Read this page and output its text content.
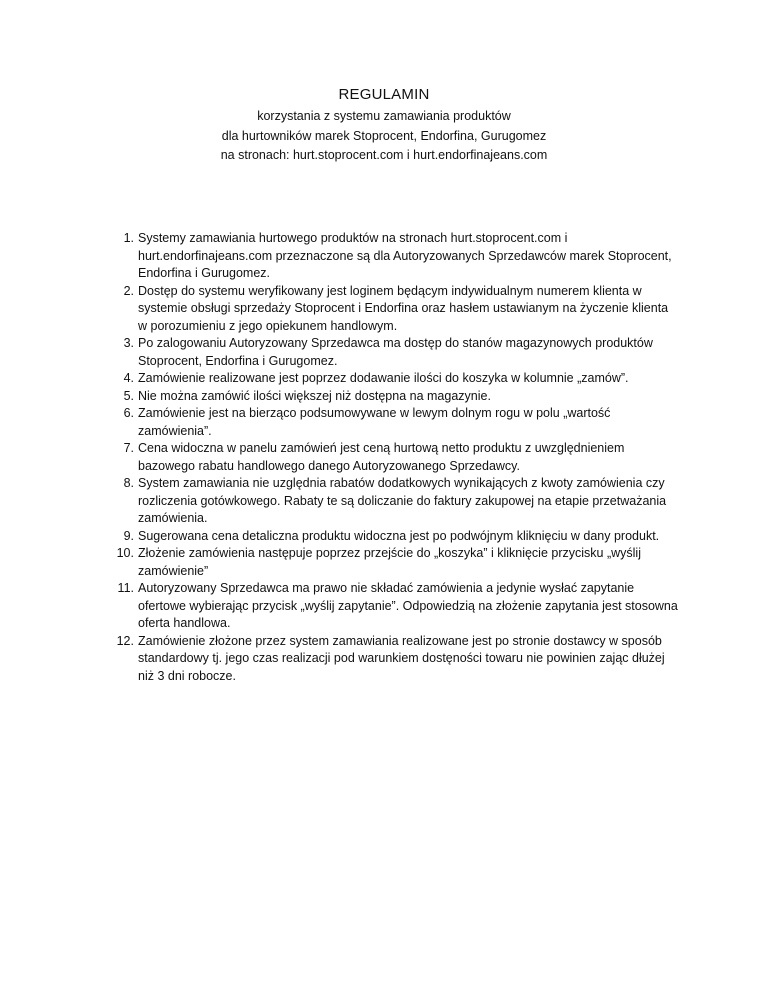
REGULAMIN
korzystania z systemu zamawiania produktów
dla hurtowników marek Stoprocent, Endorfina, Gurugomez
na stronach: hurt.stoprocent.com i hurt.endorfinajeans.com
1. Systemy zamawiania hurtowego produktów na stronach hurt.stoprocent.com i hurt.endorfinajeans.com przeznaczone są dla Autoryzowanych Sprzedawców marek Stoprocent, Endorfina i Gurugomez.
2. Dostęp do systemu weryfikowany jest loginem będącym indywidualnym numerem klienta w systemie obsługi sprzedaży Stoprocent i Endorfina oraz hasłem ustawianym na życzenie klienta w porozumieniu z jego opiekunem handlowym.
3. Po zalogowaniu Autoryzowany Sprzedawca ma dostęp do stanów magazynowych produktów Stoprocent, Endorfina i Gurugomez.
4. Zamówienie realizowane jest poprzez dodawanie ilości do koszyka w kolumnie „zamów”.
5. Nie można zamówić ilości większej niż dostępna na magazynie.
6. Zamówienie jest na bierząco podsumowywane w lewym dolnym rogu w polu „wartość zamówienia”.
7. Cena widoczna w panelu zamówień jest ceną hurtową netto produktu z uwzględnieniem bazowego rabatu handlowego danego Autoryzowanego Sprzedawcy.
8. System zamawiania nie uzględnia rabatów dodatkowych wynikających z kwoty zamówienia czy rozliczenia gotówkowego. Rabaty te są doliczanie do faktury zakupowej na etapie przetważania zamówienia.
9. Sugerowana cena detaliczna produktu widoczna jest po podwójnym kliknięciu w dany produkt.
10. Złożenie zamówienia następuje poprzez przejście do „koszyka” i kliknięcie przycisku „wyślij zamówienie”
11. Autoryzowany Sprzedawca ma prawo nie składać zamówienia a jedynie wysłać zapytanie ofertowe wybierając przycisk „wyślij zapytanie”. Odpowiedzią na złożenie zapytania jest stosowna oferta handlowa.
12. Zamówienie złożone przez system zamawiania realizowane jest po stronie dostawcy w sposób standardowy tj. jego czas realizacji pod warunkiem dostęności towaru nie powinien zając dłużej niż 3 dni robocze.
